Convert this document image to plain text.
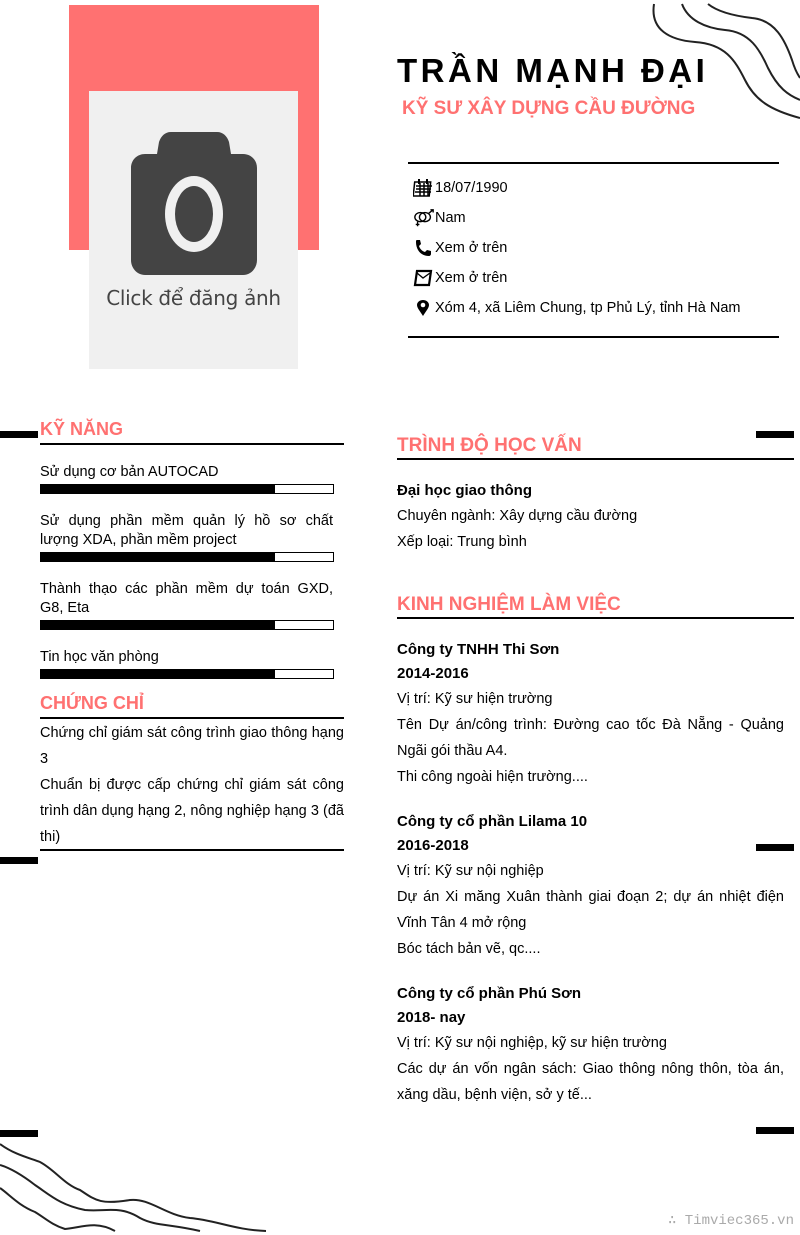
Click để đăng ảnh
TRẦN MẠNH ĐẠI
KỸ SƯ XÂY DỰNG CẦU ĐƯỜNG
18/07/1990
Nam
Xem ở trên
Xem ở trên
Xóm 4, xã Liêm Chung, tp Phủ Lý, tỉnh Hà Nam
KỸ NĂNG
Sử dụng cơ bản AUTOCAD
Sử dụng phần mềm quản lý hồ sơ chất lượng XDA, phần mềm project
Thành thạo các phần mềm dự toán GXD, G8, Eta
Tin học văn phòng
CHỨNG CHỈ
Chứng chỉ giám sát công trình giao thông hạng 3
Chuẩn bị được cấp chứng chỉ giám sát công trình dân dụng hạng 2, nông nghiệp hạng 3 (đã thi)
TRÌNH ĐỘ HỌC VẤN
Đại học giao thông
Chuyên ngành: Xây dựng cầu đường
Xếp loại: Trung bình
KINH NGHIỆM LÀM VIỆC
Công ty TNHH Thi Sơn
2014-2016
Vị trí: Kỹ sư hiện trường
Tên Dự án/công trình: Đường cao tốc Đà Nẵng - Quảng Ngãi gói thầu A4.
Thi công ngoài hiện trường....
Công ty cổ phần Lilama 10
2016-2018
Vị trí: Kỹ sư nội nghiệp
Dự án Xi măng Xuân thành giai đoạn 2; dự án nhiệt điện Vĩnh Tân 4 mở rộng
Bóc tách bản vẽ, qc....
Công ty cổ phần Phú Sơn
2018- nay
Vị trí: Kỹ sư nội nghiệp, kỹ sư hiện trường
Các dự án vốn ngân sách: Giao thông nông thôn, tòa án, xăng dầu, bệnh viện, sở y tế...
∴ Timviec365.vn
